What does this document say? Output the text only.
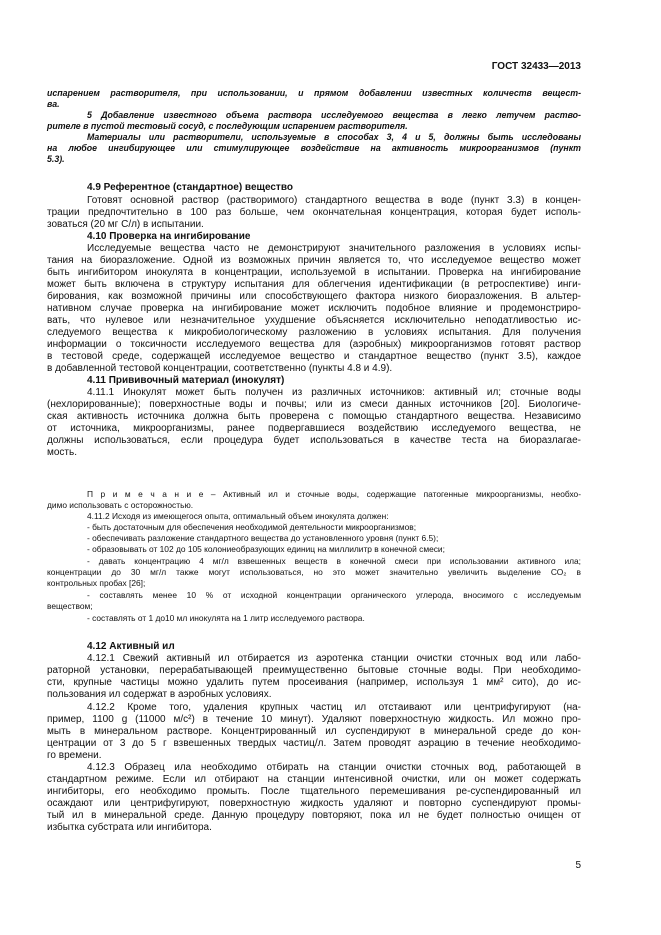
ГОСТ 32433—2013

испарением растворителя, при использовании, и прямом добавлении известных количеств вещест-

ва.

5 Добавление известного объема раствора исследуемого вещества в легко летучем раство-

рителе в пустой тестовый сосуд, с последующим испарением растворителя.

Материалы или растворители, используемые в способах 3, 4 и 5, должны быть исследованы

на любое ингибирующее или стимулирующее воздействие на активность микроорганизмов (пункт

5.3).

4.9 Референтное (стандартное) вещество

Готовят основной раствор (растворимого) стандартного вещества в воде (пункт 3.3) в концен-

трации предпочтительно в 100 раз больше, чем окончательная концентрация, которая будет исполь-

зоваться (20 мг С/л) в испытании.

4.10 Проверка на ингибирование

Исследуемые вещества часто не демонстрируют значительного разложения в условиях испы-

тания на биоразложение. Одной из возможных причин является то, что исследуемое вещество может

быть ингибитором инокулята в концентрации, используемой в испытании. Проверка на ингибирование

может быть включена в структуру испытания для облегчения идентификации (в ретроспективе) инги-

бирования, как возможной причины или способствующего фактора низкого биоразложения. В альтер-

нативном случае проверка на ингибирование может исключить подобное влияние и продемонстриро-

вать, что нулевое или незначительное ухудшение объясняется исключительно неподатливостью ис-

следуемого вещества к микробиологическому разложению в условиях испытания. Для получения

информации о токсичности исследуемого вещества для (аэробных) микроорганизмов готовят раствор

в тестовой среде, содержащей исследуемое вещество и стандартное вещество (пункт 3.5), каждое

в добавленной тестовой концентрации, соответственно (пункты 4.8 и 4.9).

4.11 Прививочный материал (инокулят)

4.11.1 Инокулят может быть получен из различных источников: активный ил; сточные воды

(нехлорированные); поверхностные воды и почвы; или из смеси данных источников [20]. Биологиче-

ская активность источника должна быть проверена с помощью стандартного вещества. Независимо

от источника, микроорганизмы, ранее подвергавшиеся воздействию исследуемого вещества, не

должны использоваться, если процедура будет использоваться в качестве теста на биоразлагае-

мость.

П р и м е ч а н и е – Активный ил и сточные воды, содержащие патогенные микроорганизмы, необхо-

димо использовать с осторожностью.

4.11.2 Исходя из имеющегося опыта, оптимальный объем инокулята должен:

- быть достаточным для обеспечения необходимой деятельности микроорганизмов;

- обеспечивать разложение стандартного вещества до установленного уровня (пункт 6.5);

- образовывать от 102 до 105 колониеобразующих единиц на миллилитр в конечной смеси;

- давать концентрацию 4 мг/л взвешенных веществ в конечной смеси при использовании активного ила;

концентрации до 30 мг/л также могут использоваться, но это может значительно увеличить выделение СО₂ в

контрольных пробах [26];

- составлять менее 10 % от исходной концентрации органического углерода, вносимого с исследуемым

веществом;

- составлять от 1 до10 мл инокулята на 1 литр исследуемого раствора.

4.12 Активный ил

4.12.1 Свежий активный ил отбирается из аэротенка станции очистки сточных вод или лабо-

раторной установки, перерабатывающей преимущественно бытовые сточные воды. При необходимо-

сти, крупные частицы можно удалить путем просеивания (например, используя 1 мм² сито), до ис-

пользования ил содержат в аэробных условиях.

4.12.2 Кроме того, удаления крупных частиц ил отстаивают или центрифугируют (на-

пример, 1100 g (11000 м/с²) в течение 10 минут). Удаляют поверхностную жидкость. Ил можно про-

мыть в минеральном растворе. Концентрированный ил суспендируют в минеральной среде до кон-

центрации от 3 до 5 г взвешенных твердых частиц/л. Затем проводят аэрацию в течение необходимо-

го времени.

4.12.3 Образец ила необходимо отбирать на станции очистки сточных вод, работающей в

стандартном режиме. Если ил отбирают на станции интенсивной очистки, или он может содержать

ингибиторы, его необходимо промыть. После тщательного перемешивания ре-суспендированный ил

осаждают или центрифугируют, поверхностную жидкость удаляют и повторно суспендируют промы-

тый ил в минеральной среде. Данную процедуру повторяют, пока ил не будет полностью очищен от

избытка субстрата или ингибитора.

5
